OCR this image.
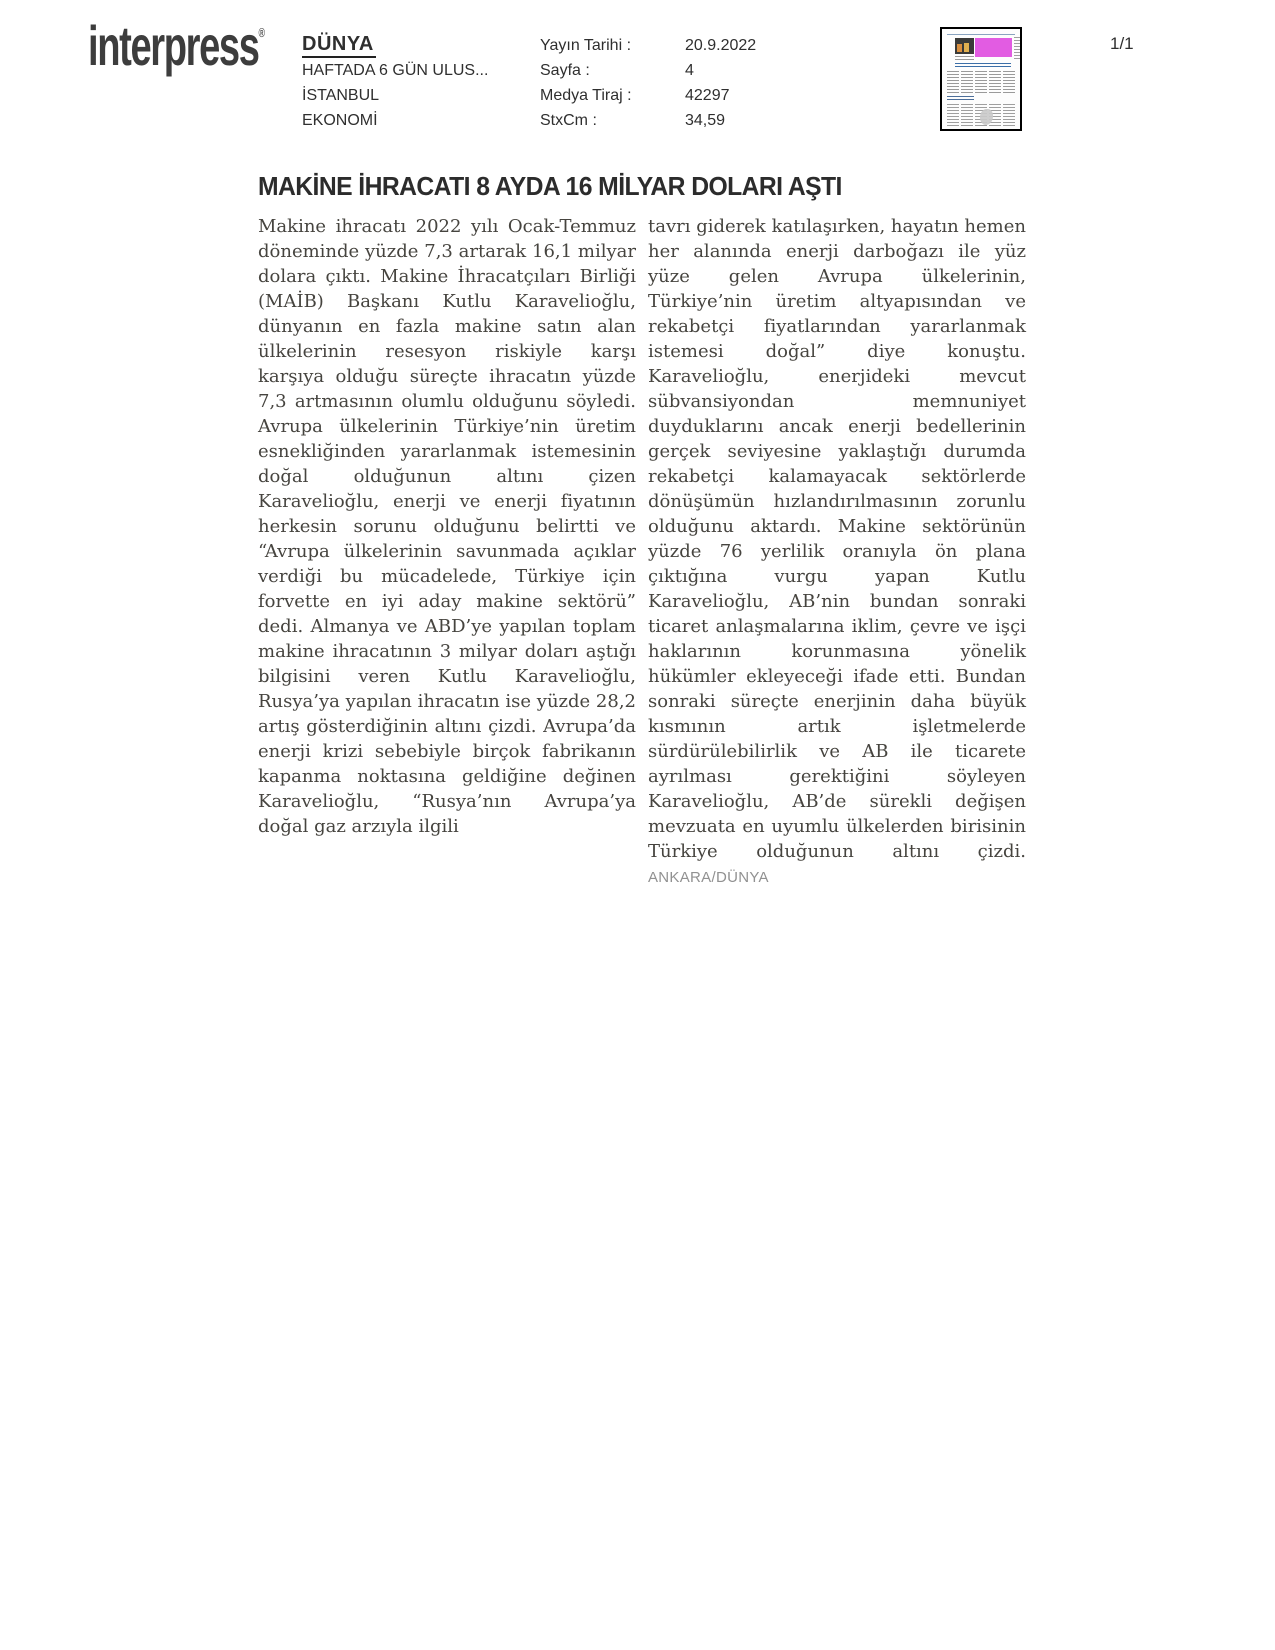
interpress®
DÜNYA
HAFTADA 6 GÜN ULUS...
İSTANBUL
EKONOMİ
Yayın Tarihi :
Sayfa :
Medya Tiraj :
StxCm :
20.9.2022
4
42297
34,59
1/1
MAKİNE İHRACATI 8 AYDA 16 MİLYAR DOLARI AŞTI

Makine ihracatı 2022 yılı Ocak-Temmuz döneminde yüzde 7,3 artarak 16,1 milyar dolara çıktı. Makine İhracatçıları Birliği (MAİB) Başkanı Kutlu Karavelioğlu, dünyanın en fazla makine satın alan ülkelerinin resesyon riskiyle karşı karşıya olduğu süreçte ihracatın yüzde 7,3 artmasının olumlu olduğunu söyledi. Avrupa ülkelerinin Türkiye’nin üretim esnekliğinden yararlanmak istemesinin doğal olduğunun altını çizen Karavelioğlu, enerji ve enerji fiyatının herkesin sorunu olduğunu belirtti ve “Avrupa ülkelerinin savunmada açıklar verdiği bu mücadelede, Türkiye için forvette en iyi aday makine sektörü” dedi. Almanya ve ABD’ye yapılan toplam makine ihracatının 3 milyar doları aştığı bilgisini veren Kutlu Karavelioğlu, Rusya’ya yapılan ihracatın ise yüzde 28,2 artış gösterdiğinin altını çizdi. Avrupa’da enerji krizi sebebiyle birçok fabrikanın kapanma noktasına geldiğine değinen Karavelioğlu, “Rusya’nın Avrupa’ya doğal gaz arzıyla ilgili

tavrı giderek katılaşırken, hayatın hemen her alanında enerji darboğazı ile yüz yüze gelen Avrupa ülkelerinin, Türkiye’nin üretim altyapısından ve rekabetçi fiyatlarından yararlanmak istemesi doğal” diye konuştu. Karavelioğlu, enerjideki mevcut sübvansiyondan memnuniyet duyduklarını ancak enerji bedellerinin gerçek seviyesine yaklaştığı durumda rekabetçi kalamayacak sektörlerde dönüşümün hızlandırılmasının zorunlu olduğunu aktardı. Makine sektörünün yüzde 76 yerlilik oranıyla ön plana çıktığına vurgu yapan Kutlu Karavelioğlu, AB’nin bundan sonraki ticaret anlaşmalarına iklim, çevre ve işçi haklarının korunmasına yönelik hükümler ekleyeceği ifade etti. Bundan sonraki süreçte enerjinin daha büyük kısmının artık işletmelerde sürdürülebilirlik ve AB ile ticarete ayrılması gerektiğini söyleyen Karavelioğlu, AB’de sürekli değişen mevzuata en uyumlu ülkelerden birisinin Türkiye olduğunun altını çizdi. ANKARA/DÜNYA
